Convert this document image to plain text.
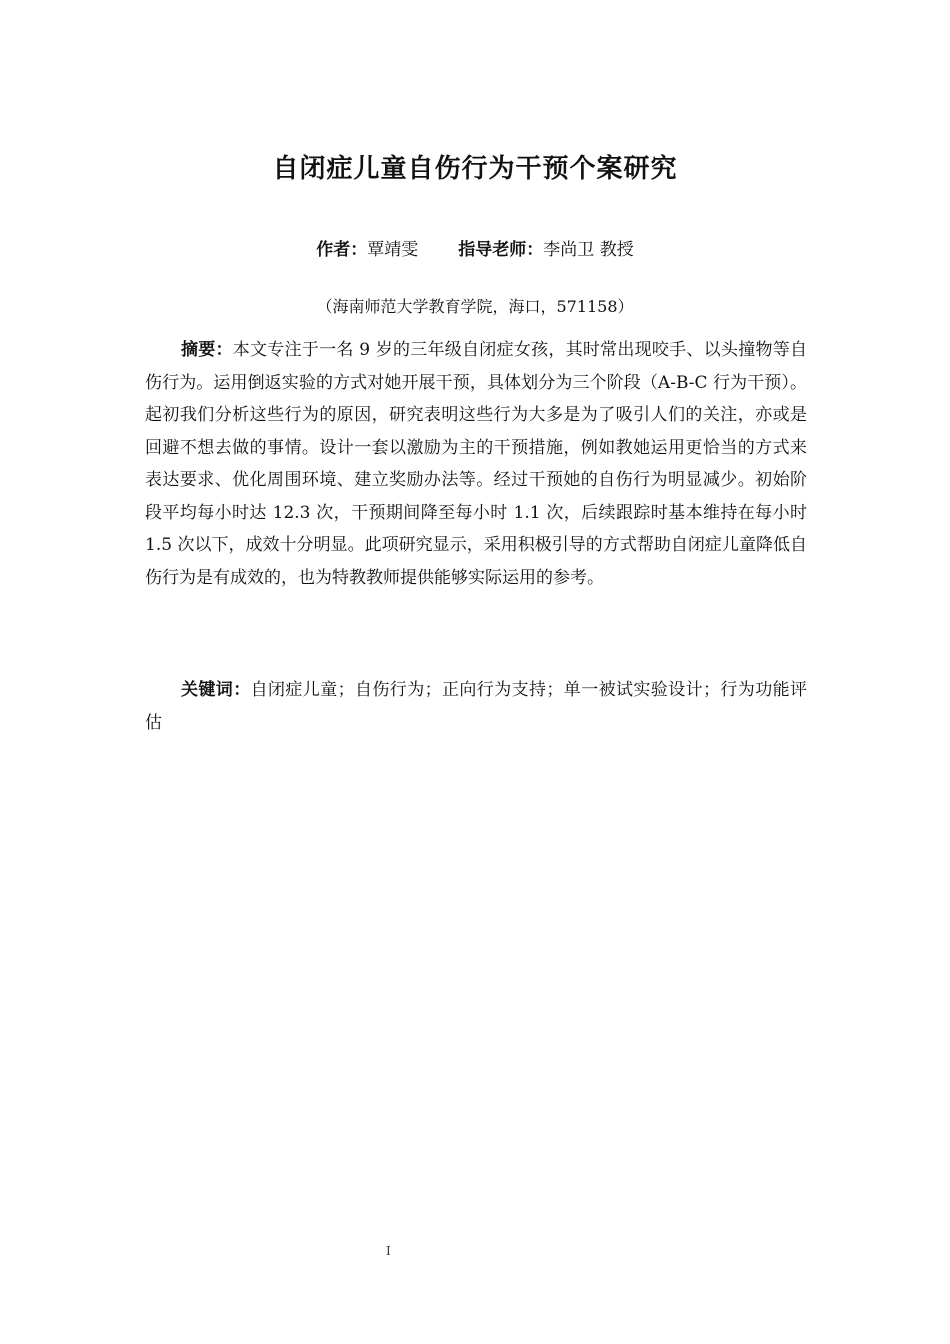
自闭症儿童自伤行为干预个案研究
作者：覃靖雯 指导老师：李尚卫 教授
（海南师范大学教育学院，海口，571158）

摘要：本文专注于一名 9 岁的三年级自闭症女孩，其时常出现咬手、以头撞物等自伤行为。运用倒返实验的方式对她开展干预，具体划分为三个阶段（A-B-C 行为干预）。起初我们分析这些行为的原因，研究表明这些行为大多是为了吸引人们的关注，亦或是回避不想去做的事情。设计一套以激励为主的干预措施，例如教她运用更恰当的方式来表达要求、优化周围环境、建立奖励办法等。经过干预她的自伤行为明显减少。初始阶段平均每小时达 12.3 次，干预期间降至每小时 1.1 次，后续跟踪时基本维持在每小时 1.5 次以下，成效十分明显。此项研究显示，采用积极引导的方式帮助自闭症儿童降低自伤行为是有成效的，也为特教教师提供能够实际运用的参考。

关键词：自闭症儿童；自伤行为；正向行为支持；单一被试实验设计；行为功能评估

I
